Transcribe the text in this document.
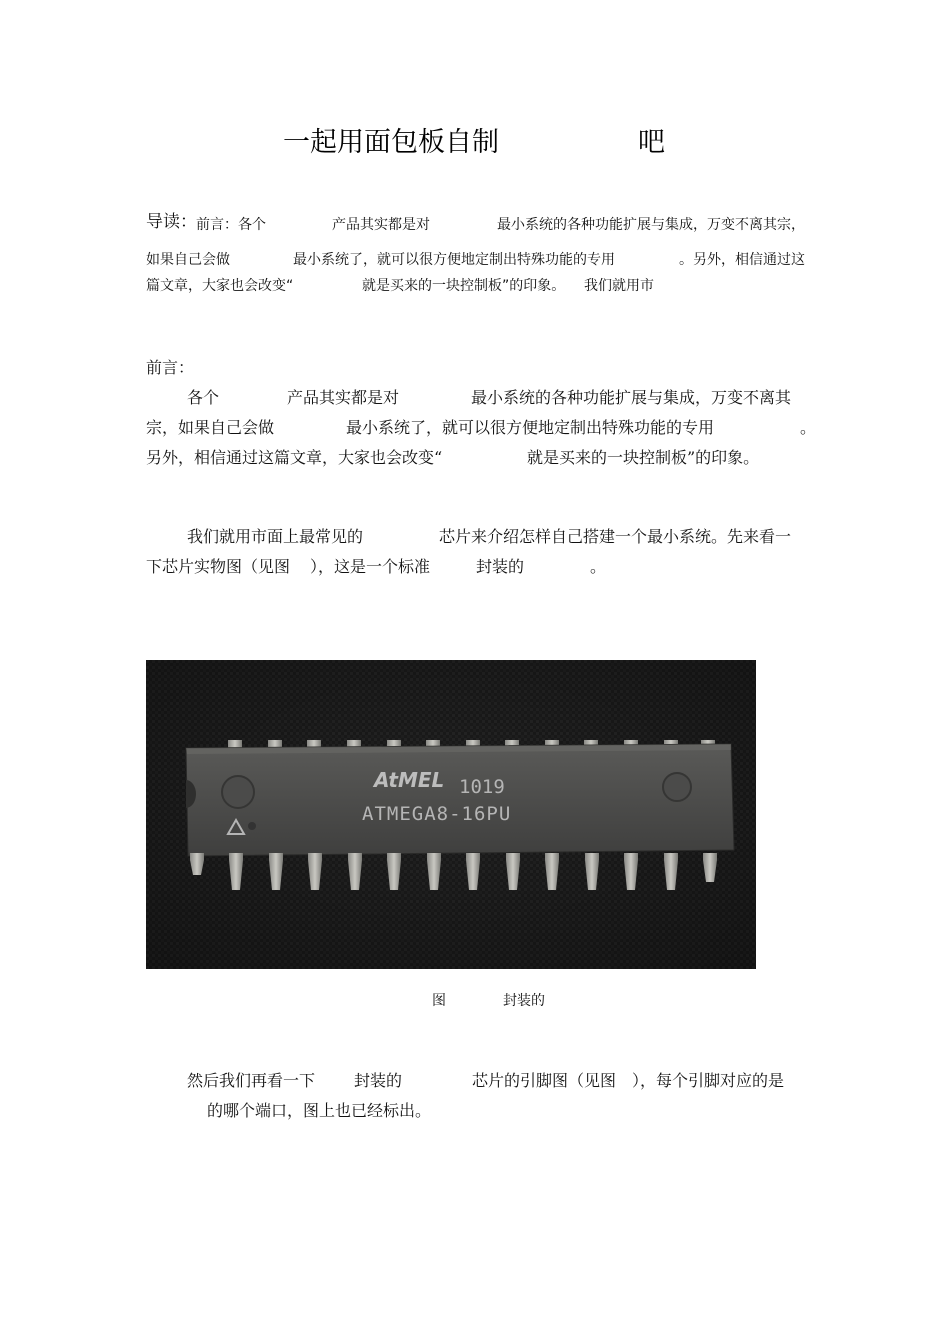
一起用面包板自制	吧
导读： 前言：各个	产品其实都是对	最小系统的各种功能扩展与集成，万变不离其宗，
如果自己会做	最小系统了，就可以很方便地定制出特殊功能的专用	。另外，相信通过这
篇文章，大家也会改变“	就是买来的一块控制板”的印象。 我们就用市
前言：
各个	产品其实都是对	最小系统的各种功能扩展与集成，万变不离其
宗，如果自己会做	最小系统了，就可以很方便地定制出特殊功能的专用	。
另外，相信通过这篇文章，大家也会改变“	就是买来的一块控制板”的印象。
我们就用市面上最常见的	芯片来介绍怎样自己搭建一个最小系统。先来看一
下芯片实物图（见图 ），这是一个标准	封装的	。
AtMEL 1019
ATMEGA8-16PU
图	封装的
然后我们再看一下 封装的	芯片的引脚图（见图 ），每个引脚对应的是
的哪个端口，图上也已经标出。
